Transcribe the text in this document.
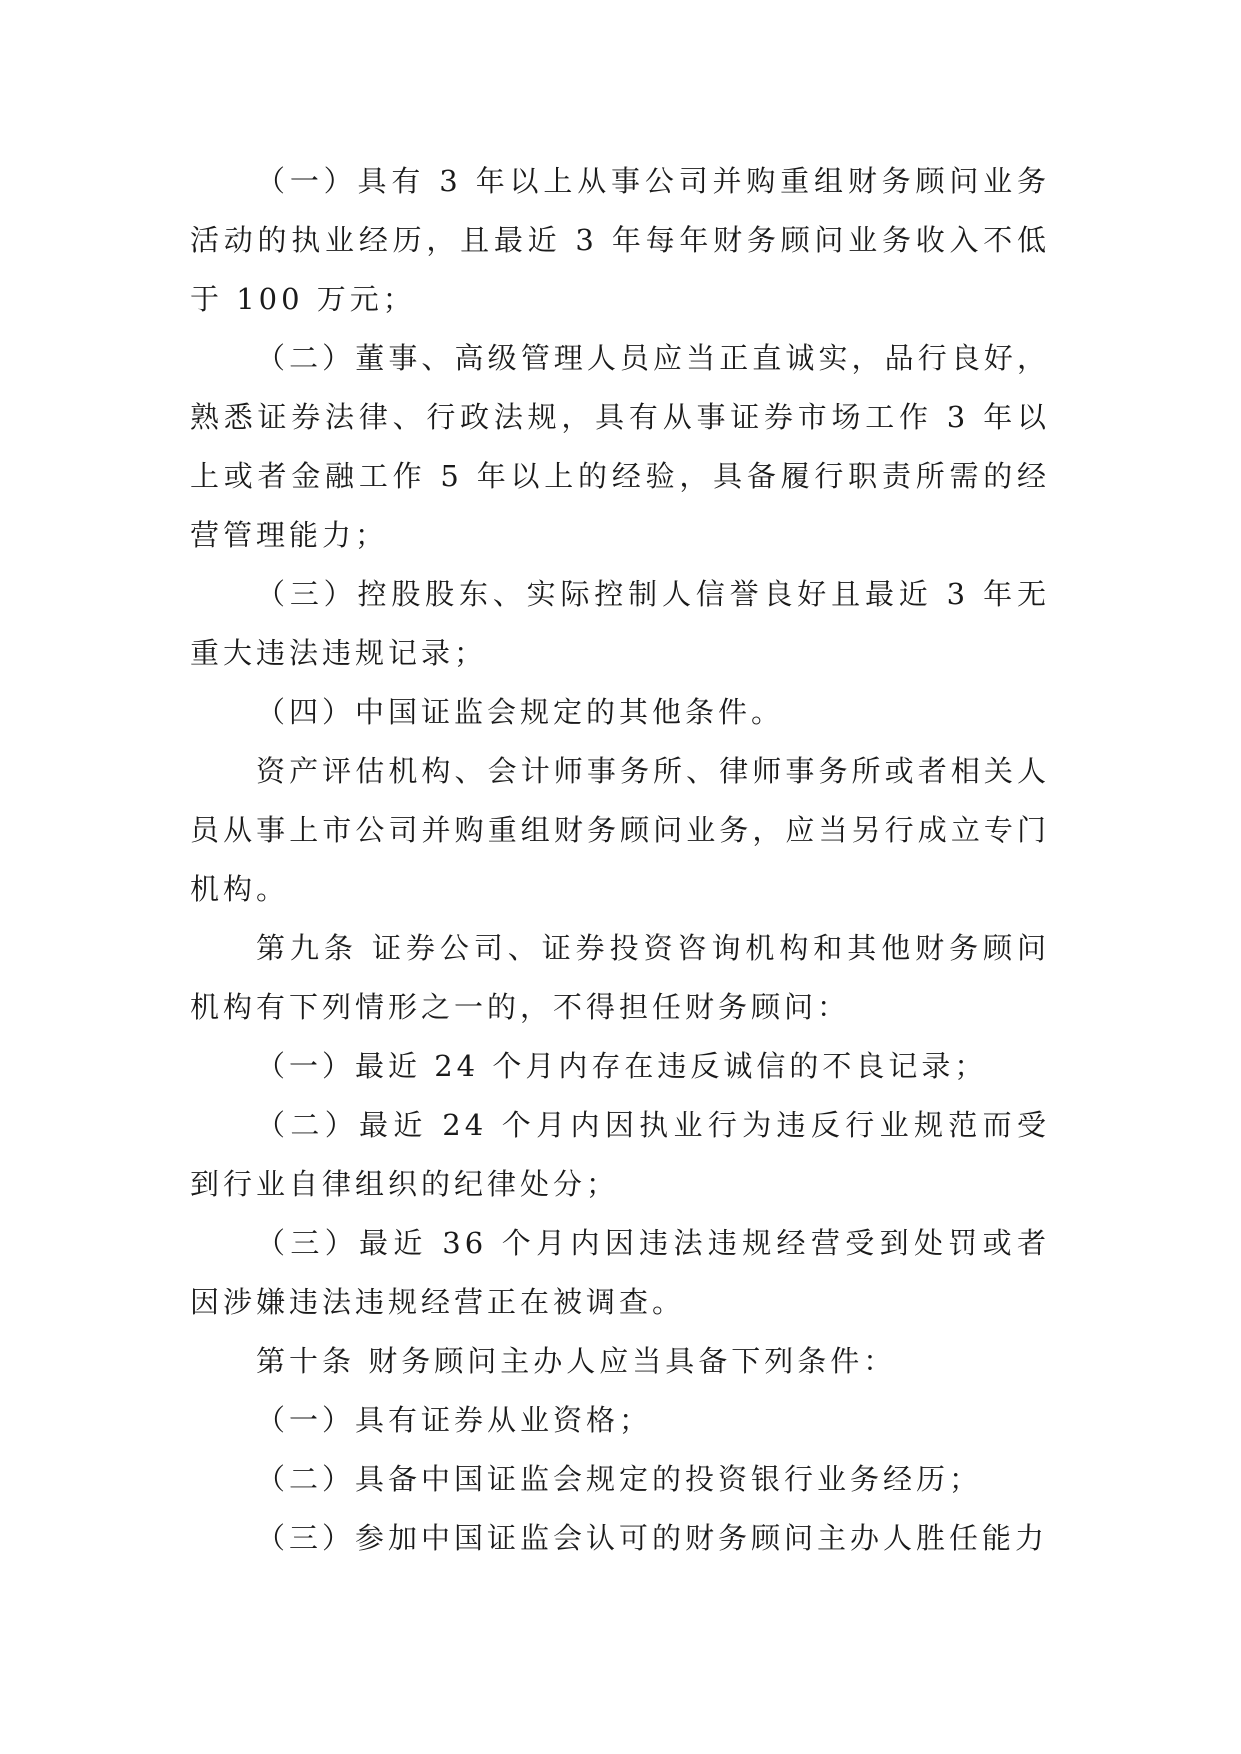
（一）具有 3 年以上从事公司并购重组财务顾问业务活动的执业经历，且最近 3 年每年财务顾问业务收入不低于 100 万元；

（二）董事、高级管理人员应当正直诚实，品行良好，熟悉证券法律、行政法规，具有从事证券市场工作 3 年以上或者金融工作 5 年以上的经验，具备履行职责所需的经营管理能力；

（三）控股股东、实际控制人信誉良好且最近 3 年无重大违法违规记录；

（四）中国证监会规定的其他条件。

资产评估机构、会计师事务所、律师事务所或者相关人员从事上市公司并购重组财务顾问业务，应当另行成立专门机构。

第九条 证券公司、证券投资咨询机构和其他财务顾问机构有下列情形之一的，不得担任财务顾问：

（一）最近 24 个月内存在违反诚信的不良记录；

（二）最近 24 个月内因执业行为违反行业规范而受到行业自律组织的纪律处分；

（三）最近 36 个月内因违法违规经营受到处罚或者因涉嫌违法违规经营正在被调查。

第十条 财务顾问主办人应当具备下列条件：

（一）具有证券从业资格；

（二）具备中国证监会规定的投资银行业务经历；

（三）参加中国证监会认可的财务顾问主办人胜任能力
